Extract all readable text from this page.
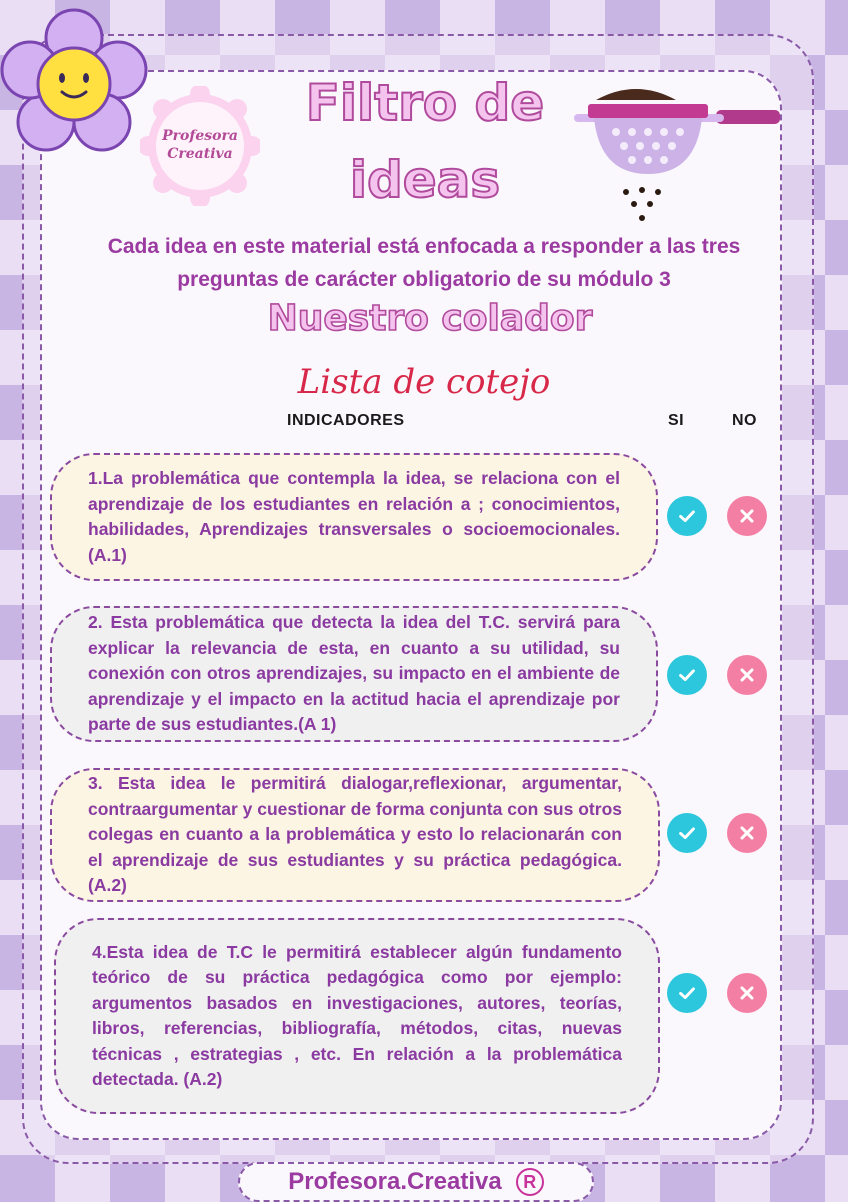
Profesora
Creativa
Filtro de
ideas
Cada idea en este material está enfocada a responder a las tres preguntas de carácter obligatorio de su módulo 3
Nuestro colador
Lista de cotejo
INDICADORES	SI	NO
1.La problemática que contempla la idea, se relaciona con el aprendizaje de los estudiantes en relación a ; conocimientos, habilidades, Aprendizajes transversales o socioemocionales.(A.1)
2. Esta problemática que detecta la idea del T.C. servirá para explicar la relevancia de esta, en cuanto a su utilidad, su conexión con otros aprendizajes, su impacto en el ambiente de aprendizaje y el impacto en la actitud hacia el aprendizaje por parte de sus estudiantes.(A 1)
3. Esta idea le permitirá dialogar,reflexionar, argumentar, contraargumentar y cuestionar de forma conjunta con sus otros colegas en cuanto a la problemática y esto lo relacionarán con el aprendizaje de sus estudiantes y su práctica pedagógica.(A.2)
4.Esta idea de T.C le permitirá establecer algún fundamento teórico de su práctica pedagógica como por ejemplo: argumentos basados en investigaciones, autores, teorías, libros, referencias, bibliografía, métodos, citas, nuevas técnicas , estrategias , etc. En relación a la problemática detectada. (A.2)
Profesora.Creativa	R
